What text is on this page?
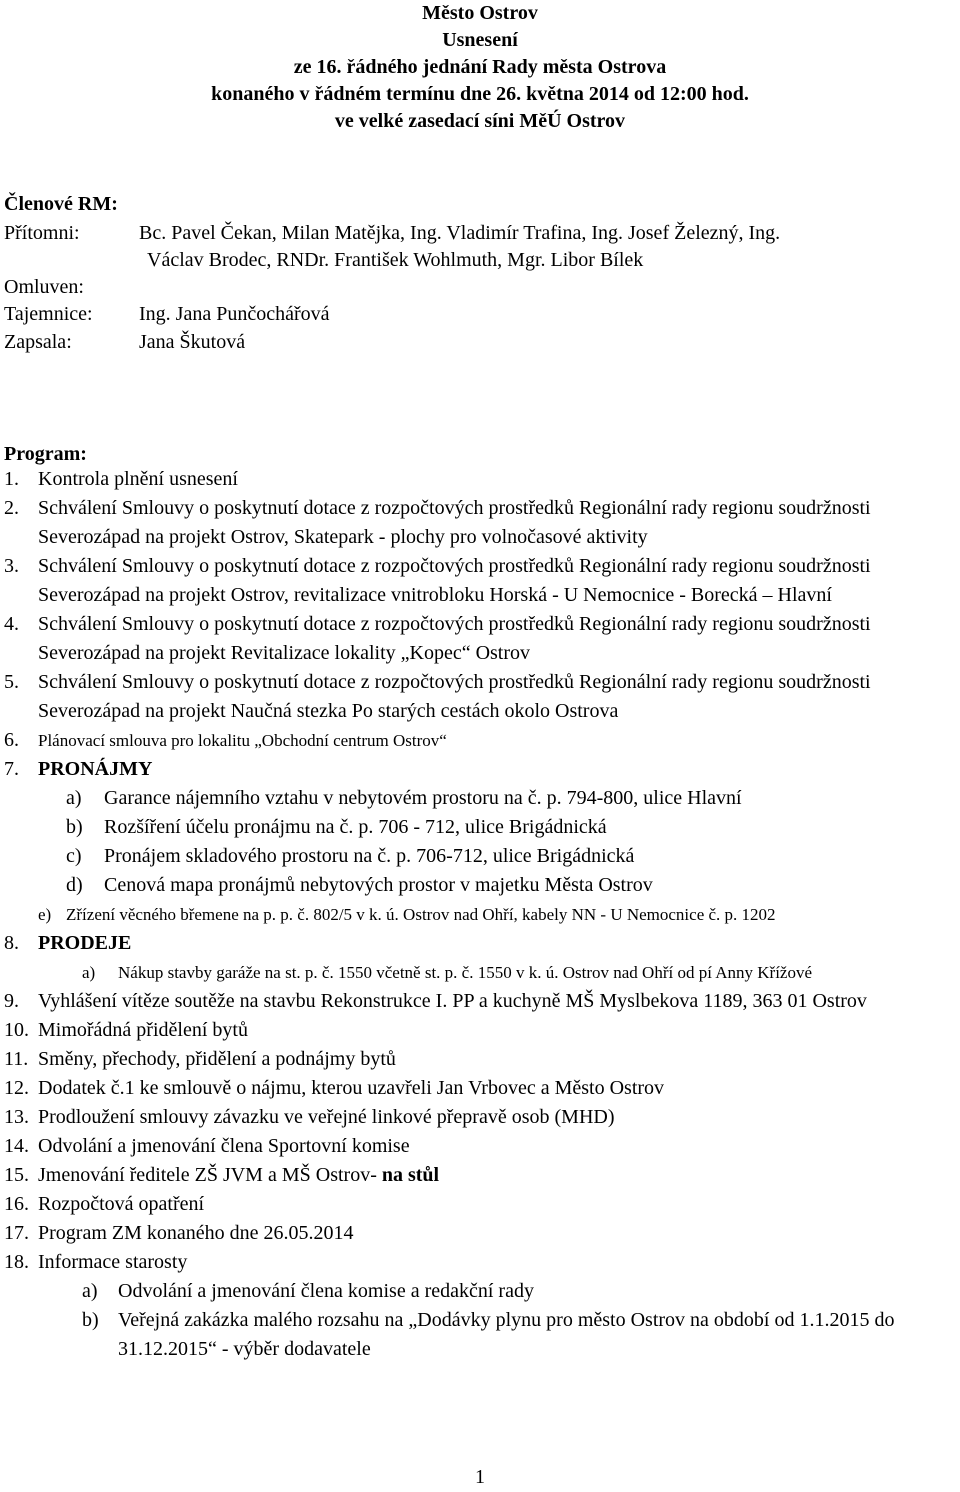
Město Ostrov
Usnesení
ze 16. řádného jednání Rady města Ostrova
konaného v řádném termínu dne 26. května 2014 od 12:00 hod.
ve velké zasedací síni MěÚ Ostrov
Členové RM:
Přítomni:	Bc. Pavel Čekan, Milan Matějka, Ing. Vladimír Trafina, Ing. Josef Železný, Ing.
Václav Brodec, RNDr. František Wohlmuth, Mgr. Libor Bílek
Omluven:
Tajemnice:	Ing. Jana Punčochářová
Zapsala:	Jana Škutová
Program:
1. Kontrola plnění usnesení
2. Schválení Smlouvy o poskytnutí dotace z rozpočtových prostředků Regionální rady regionu soudržnosti Severozápad na projekt Ostrov, Skatepark - plochy pro volnočasové aktivity
3. Schválení Smlouvy o poskytnutí dotace z rozpočtových prostředků Regionální rady regionu soudržnosti Severozápad na projekt Ostrov, revitalizace vnitrobloku Horská - U Nemocnice - Borecká – Hlavní
4. Schválení Smlouvy o poskytnutí dotace z rozpočtových prostředků Regionální rady regionu soudržnosti Severozápad na projekt Revitalizace lokality „Kopec“ Ostrov
5. Schválení Smlouvy o poskytnutí dotace z rozpočtových prostředků Regionální rady regionu soudržnosti Severozápad na projekt Naučná stezka Po starých cestách okolo Ostrova
6. Plánovací smlouva pro lokalitu „Obchodní centrum Ostrov“
7. PRONÁJMY
a) Garance nájemního vztahu v nebytovém prostoru na č. p. 794-800, ulice Hlavní
b) Rozšíření účelu pronájmu na č. p. 706 - 712, ulice Brigádnická
c) Pronájem skladového prostoru na č. p. 706-712, ulice Brigádnická
d) Cenová mapa pronájmů nebytových prostor v majetku Města Ostrov
e) Zřízení věcného břemene na p. p. č. 802/5 v k. ú. Ostrov nad Ohří, kabely NN - U Nemocnice č. p. 1202
8. PRODEJE
a) Nákup stavby garáže na st. p. č. 1550 včetně st. p. č. 1550 v k. ú. Ostrov nad Ohří od pí Anny Křížové
9. Vyhlášení vítěze soutěže na stavbu Rekonstrukce I. PP a kuchyně MŠ Myslbekova 1189, 363 01 Ostrov
10. Mimořádná přidělení bytů
11. Směny, přechody, přidělení a podnájmy bytů
12. Dodatek č.1 ke smlouvě o nájmu, kterou uzavřeli Jan Vrbovec a Město Ostrov
13. Prodloužení smlouvy závazku ve veřejné linkové přepravě osob (MHD)
14. Odvolání a jmenování člena Sportovní komise
15. Jmenování ředitele ZŠ JVM a MŠ Ostrov- na stůl
16. Rozpočtová opatření
17. Program ZM konaného dne 26.05.2014
18. Informace starosty
a) Odvolání a jmenování člena komise a redakční rady
b) Veřejná zakázka malého rozsahu na „Dodávky plynu pro město Ostrov na období od 1.1.2015 do 31.12.2015“ - výběr dodavatele
1
